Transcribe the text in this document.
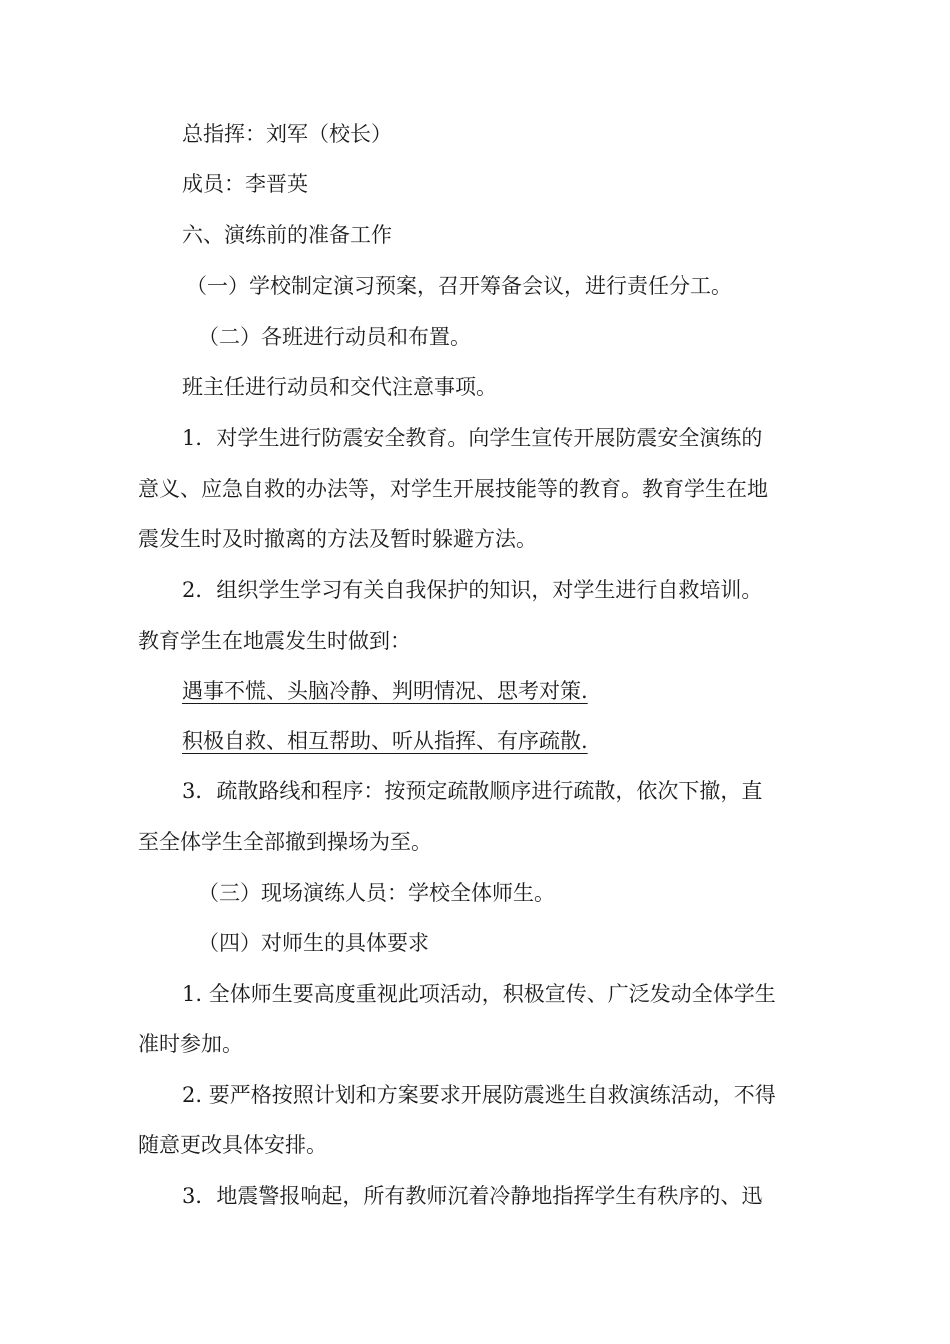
总指挥：刘军（校长）
成员：李晋英
六、演练前的准备工作
（一）学校制定演习预案，召开筹备会议，进行责任分工。
（二）各班进行动员和布置。
班主任进行动员和交代注意事项。
1．对学生进行防震安全教育。向学生宣传开展防震安全演练的
意义、应急自救的办法等，对学生开展技能等的教育。教育学生在地
震发生时及时撤离的方法及暂时躲避方法。
2．组织学生学习有关自我保护的知识，对学生进行自救培训。
教育学生在地震发生时做到：
遇事不慌、头脑冷静、判明情况、思考对策.
积极自救、相互帮助、听从指挥、有序疏散.
3．疏散路线和程序：按预定疏散顺序进行疏散，依次下撤，直
至全体学生全部撤到操场为至。
（三）现场演练人员：学校全体师生。
（四）对师生的具体要求
1. 全体师生要高度重视此项活动，积极宣传、广泛发动全体学生
准时参加。
2. 要严格按照计划和方案要求开展防震逃生自救演练活动，不得
随意更改具体安排。
3．地震警报响起，所有教师沉着冷静地指挥学生有秩序的、迅
